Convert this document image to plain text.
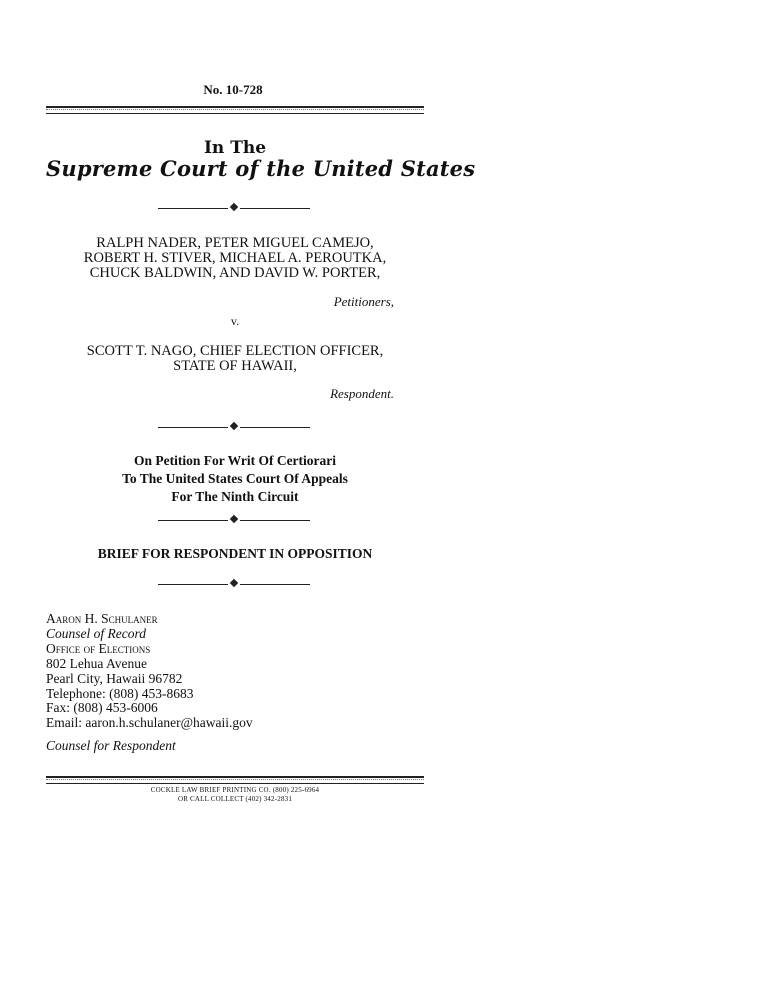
No. 10-728
In The
Supreme Court of the United States
RALPH NADER, PETER MIGUEL CAMEJO,
ROBERT H. STIVER, MICHAEL A. PEROUTKA,
CHUCK BALDWIN, AND DAVID W. PORTER,
Petitioners,
v.
SCOTT T. NAGO, CHIEF ELECTION OFFICER,
STATE OF HAWAII,
Respondent.
On Petition For Writ Of Certiorari
To The United States Court Of Appeals
For The Ninth Circuit
BRIEF FOR RESPONDENT IN OPPOSITION
Aaron H. Schulaner
Counsel of Record
Office of Elections
802 Lehua Avenue
Pearl City, Hawaii 96782
Telephone: (808) 453-8683
Fax: (808) 453-6006
Email: aaron.h.schulaner@hawaii.gov
Counsel for Respondent
COCKLE LAW BRIEF PRINTING CO. (800) 225-6964
OR CALL COLLECT (402) 342-2831
